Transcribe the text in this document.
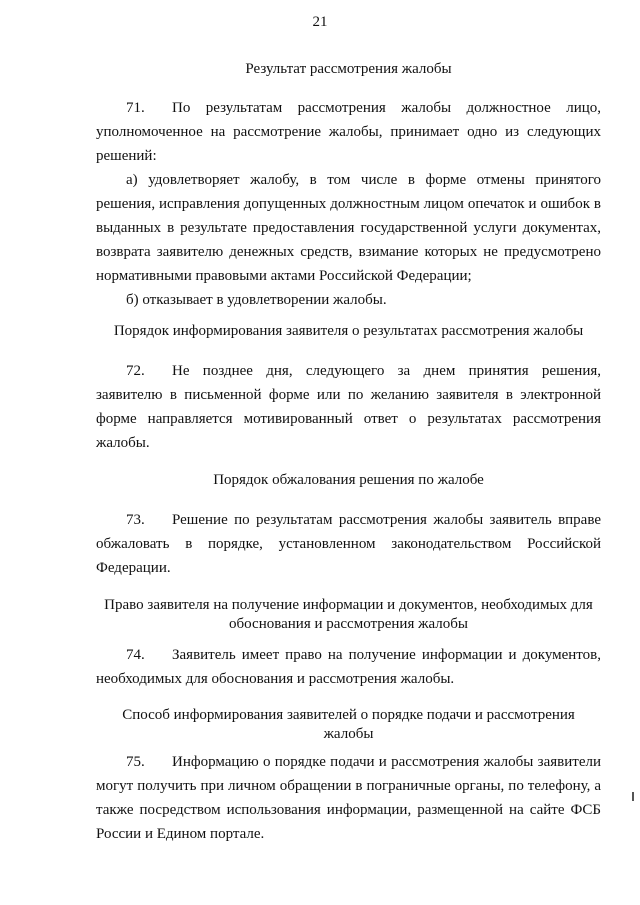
21
Результат рассмотрения жалобы
71. По результатам рассмотрения жалобы должностное лицо, уполномоченное на рассмотрение жалобы, принимает одно из следующих решений:
а) удовлетворяет жалобу, в том числе в форме отмены принятого решения, исправления допущенных должностным лицом опечаток и ошибок в выданных в результате предоставления государственной услуги документах, возврата заявителю денежных средств, взимание которых не предусмотрено нормативными правовыми актами Российской Федерации;
б) отказывает в удовлетворении жалобы.
Порядок информирования заявителя о результатах рассмотрения жалобы
72. Не позднее дня, следующего за днем принятия решения, заявителю в письменной форме или по желанию заявителя в электронной форме направляется мотивированный ответ о результатах рассмотрения жалобы.
Порядок обжалования решения по жалобе
73. Решение по результатам рассмотрения жалобы заявитель вправе обжаловать в порядке, установленном законодательством Российской Федерации.
Право заявителя на получение информации и документов, необходимых для обоснования и рассмотрения жалобы
74. Заявитель имеет право на получение информации и документов, необходимых для обоснования и рассмотрения жалобы.
Способ информирования заявителей о порядке подачи и рассмотрения жалобы
75. Информацию о порядке подачи и рассмотрения жалобы заявители могут получить при личном обращении в пограничные органы, по телефону, а также посредством использования информации, размещенной на сайте ФСБ России и Едином портале.
